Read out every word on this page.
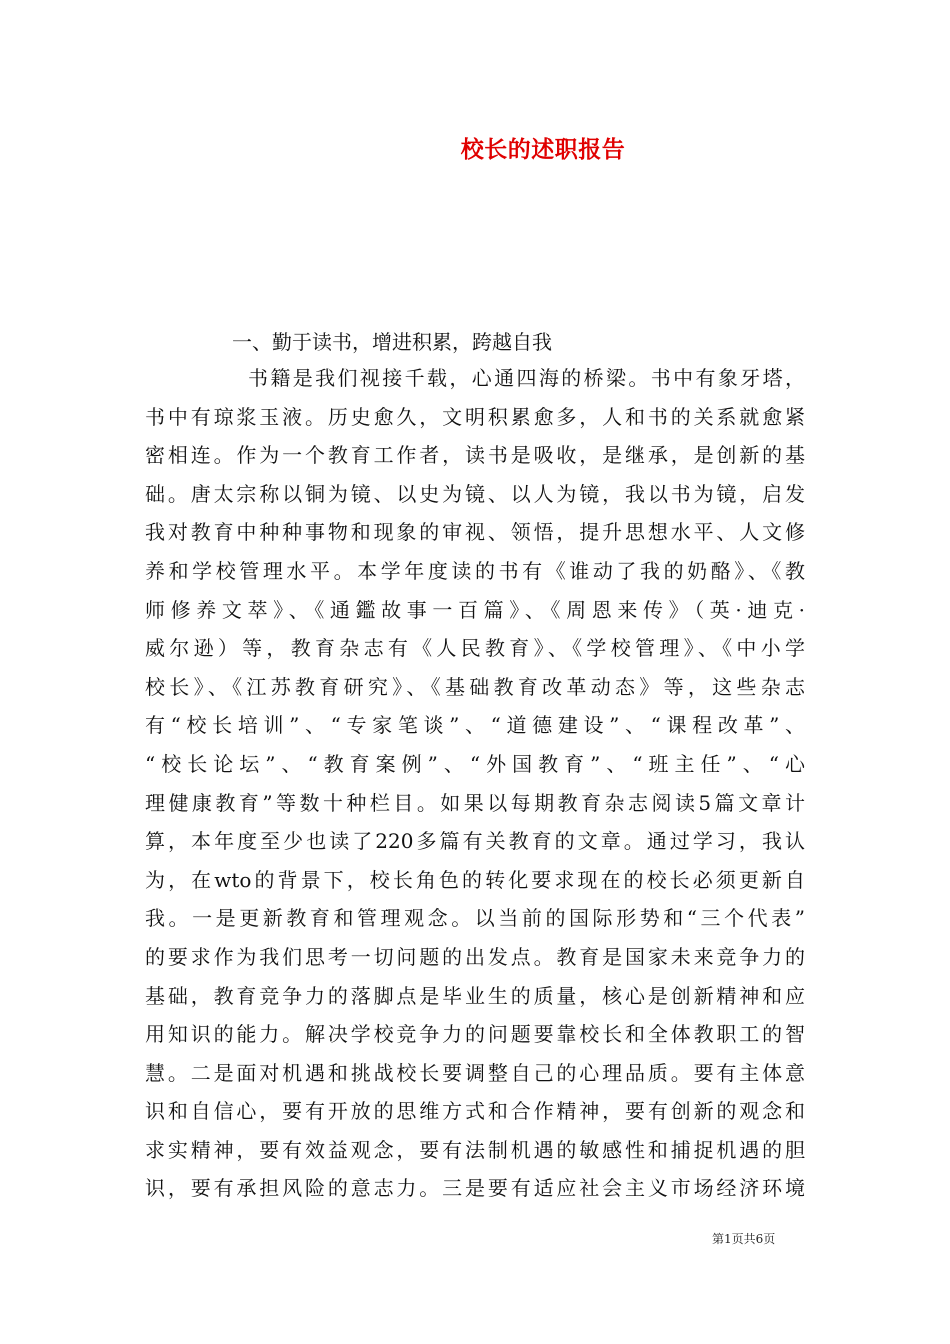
校长的述职报告
一、勤于读书，增进积累，跨越自我
书籍是我们视接千载，心通四海的桥梁。书中有象牙塔，
书中有琼浆玉液。历史愈久，文明积累愈多，人和书的关系就愈紧
密相连。作为一个教育工作者，读书是吸收，是继承，是创新的基
础。唐太宗称以铜为镜、以史为镜、以人为镜，我以书为镜，启发
我对教育中种种事物和现象的审视、领悟，提升思想水平、人文修
养和学校管理水平。本学年度读的书有《谁动了我的奶酪》、《教
师修养文萃》、《通鑑故事一百篇》、《周恩来传》（英·迪克·
威尔逊）等，教育杂志有《人民教育》、《学校管理》、《中小学
校长》、《江苏教育研究》、《基础教育改革动态》等，这些杂志
有“校长培训”、“专家笔谈”、“道德建设”、“课程改革”、
“校长论坛”、“教育案例”、“外国教育”、“班主任”、“心
理健康教育”等数十种栏目。如果以每期教育杂志阅读5篇文章计
算，本年度至少也读了220多篇有关教育的文章。通过学习，我认
为，在wto的背景下，校长角色的转化要求现在的校长必须更新自
我。一是更新教育和管理观念。以当前的国际形势和“三个代表”
的要求作为我们思考一切问题的出发点。教育是国家未来竞争力的
基础，教育竞争力的落脚点是毕业生的质量，核心是创新精神和应
用知识的能力。解决学校竞争力的问题要靠校长和全体教职工的智
慧。二是面对机遇和挑战校长要调整自己的心理品质。要有主体意
识和自信心，要有开放的思维方式和合作精神，要有创新的观念和
求实精神，要有效益观念，要有法制机遇的敏感性和捕捉机遇的胆
识，要有承担风险的意志力。三是要有适应社会主义市场经济环境
第1页共6页
